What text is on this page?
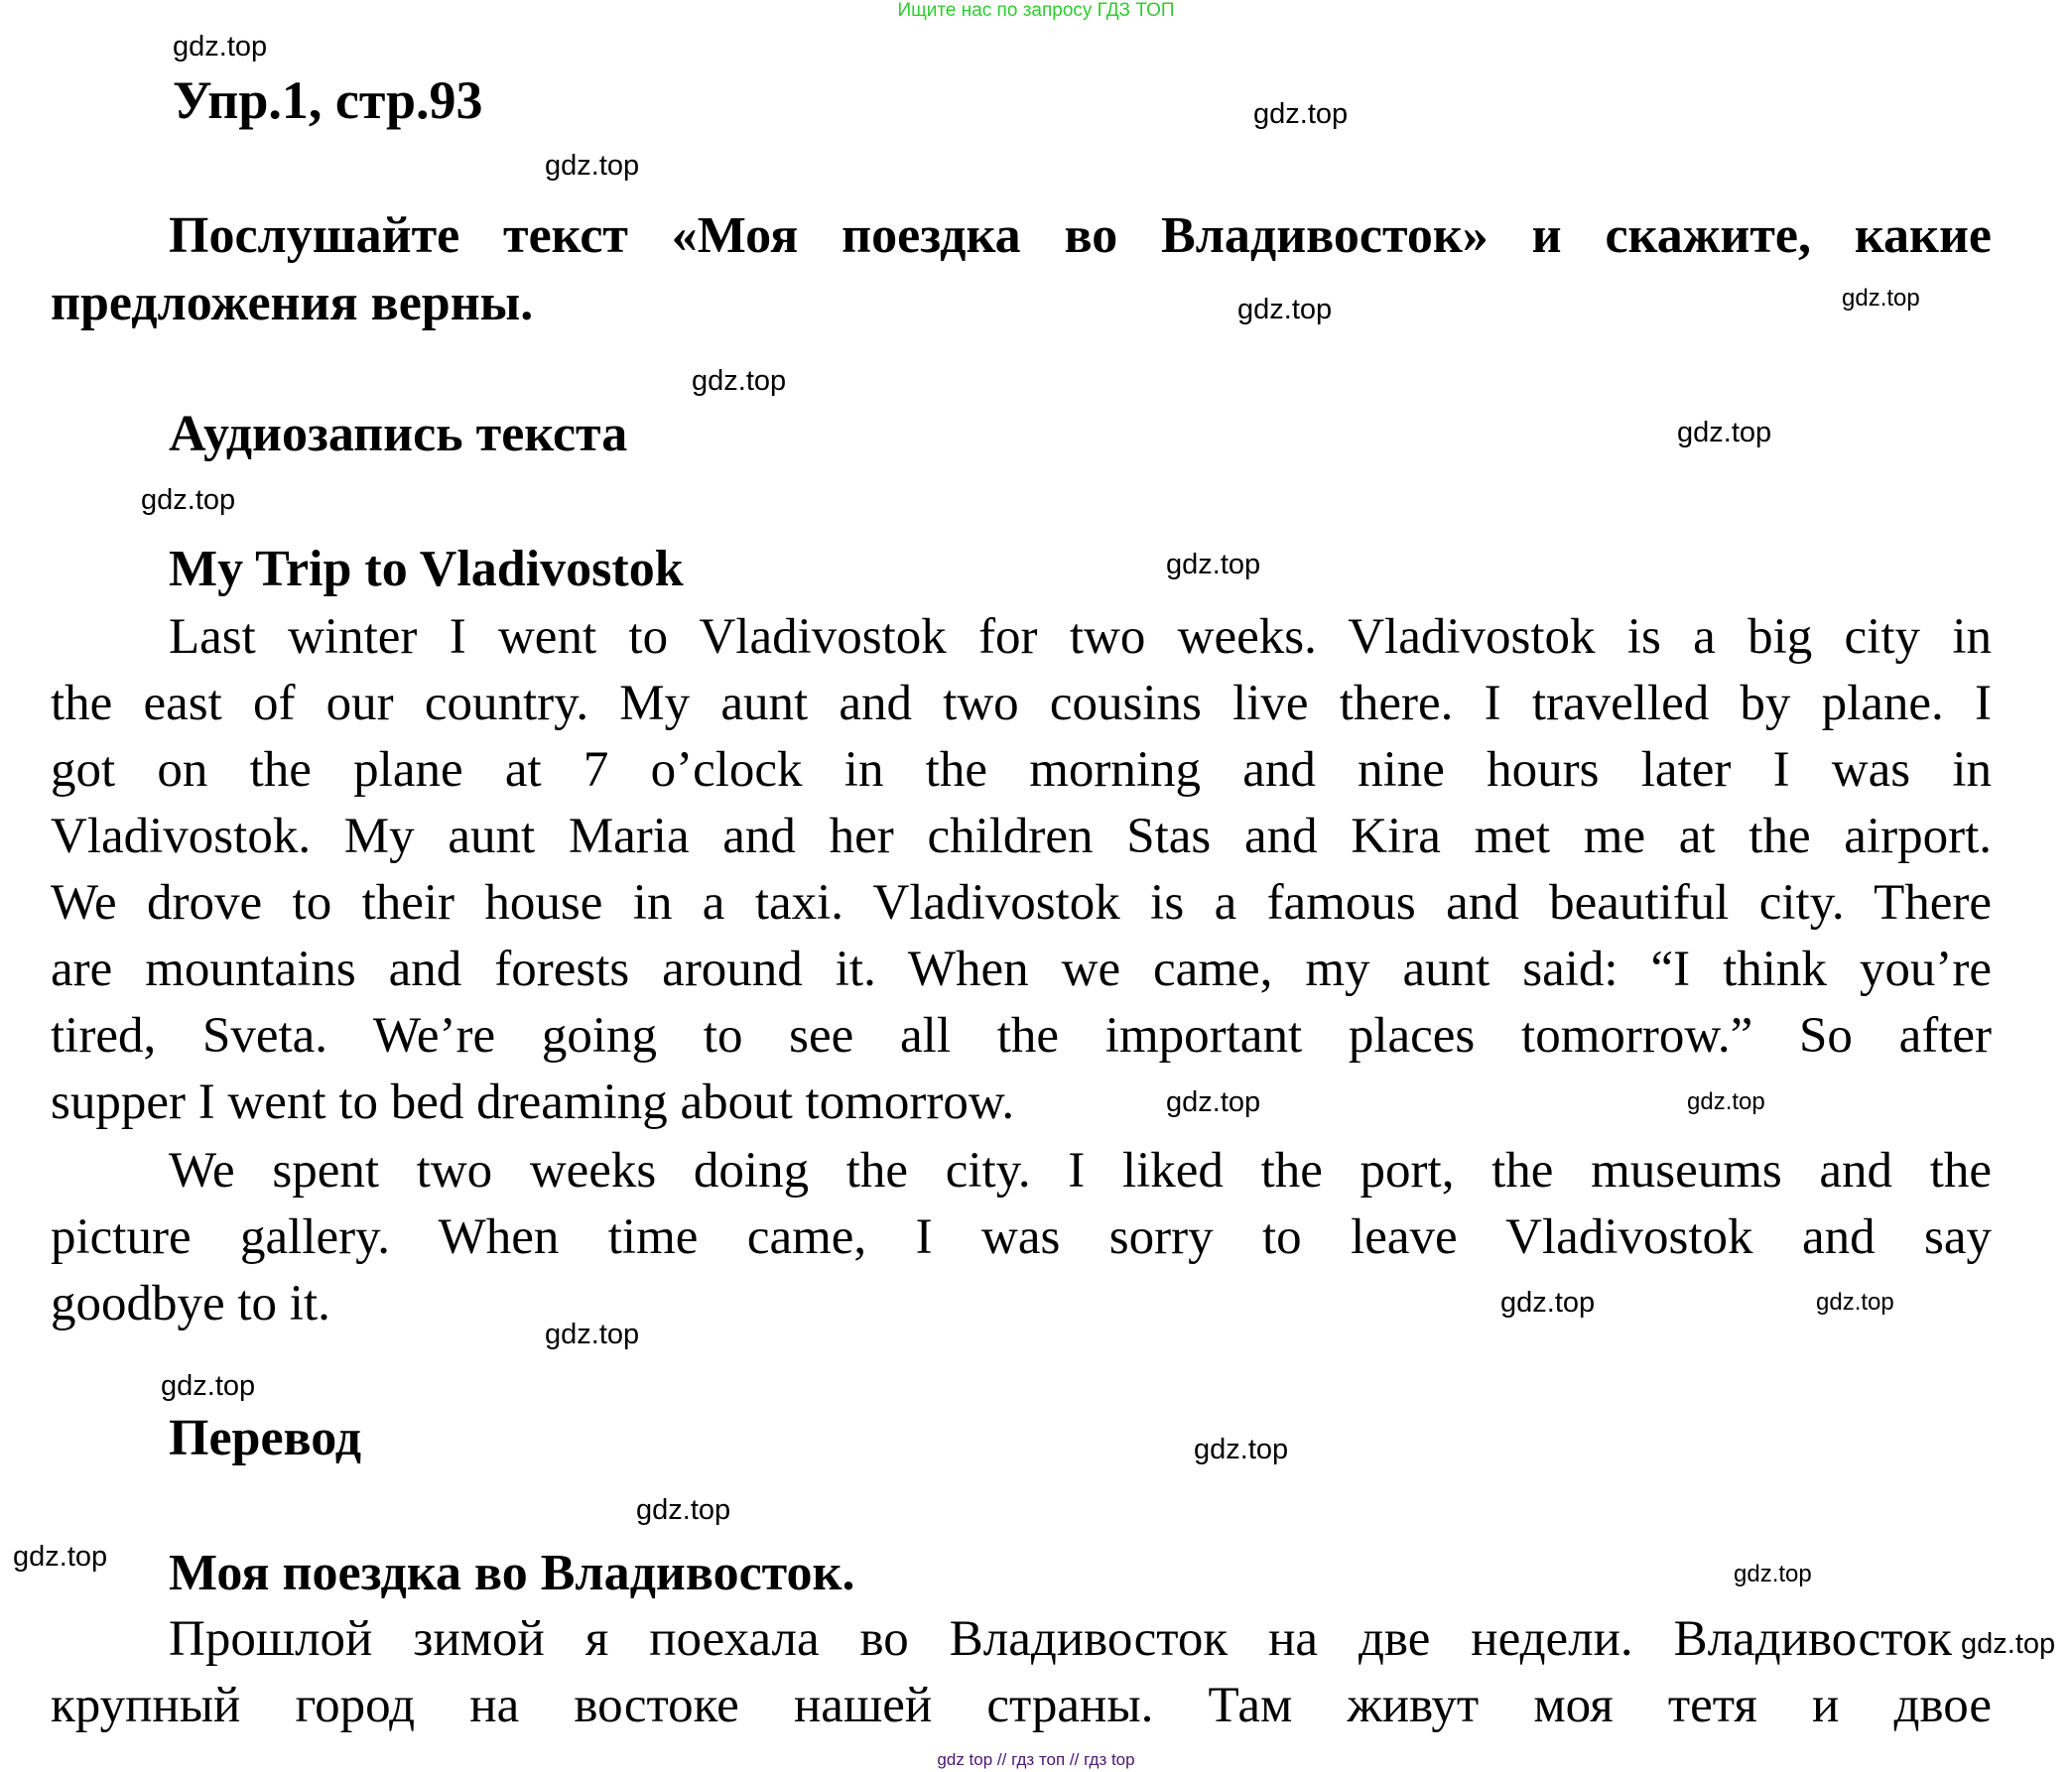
Ищите нас по запросу ГДЗ ТОП
Упр.1, стр.93
Послушайте текст «Моя поездка во Владивосток» и скажите, какие
предложения верны.
Аудиозапись текста
My Trip to Vladivostok
Last winter I went to Vladivostok for two weeks. Vladivostok is a big city in
the east of our country. My aunt and two cousins live there. I travelled by plane. I
got on the plane at 7 o’clock in the morning and nine hours later I was in
Vladivostok. My aunt Maria and her children Stas and Kira met me at the airport.
We drove to their house in a taxi. Vladivostok is a famous and beautiful city. There
are mountains and forests around it. When we came, my aunt said: “I think you’re
tired, Sveta. We’re going to see all the important places tomorrow.” So after
supper I went to bed dreaming about tomorrow.
We spent two weeks doing the city. I liked the port, the museums and the
picture gallery. When time came, I was sorry to leave Vladivostok and say
goodbye to it.
Перевод
Моя поездка во Владивосток.
Прошлой зимой я поехала во Владивосток на две недели. Владивосток
крупный город на востоке нашей страны. Там живут моя тетя и двое
gdz.top
gdz.top
gdz.top
gdz.top
gdz.top
gdz.top
gdz.top
gdz.top
gdz.top
gdz.top
gdz.top
gdz.top
gdz.top
gdz.top
gdz.top
gdz.top
gdz.top
gdz.top
gdz.top
gdz.top
gdz top // гдз топ // гдз top
